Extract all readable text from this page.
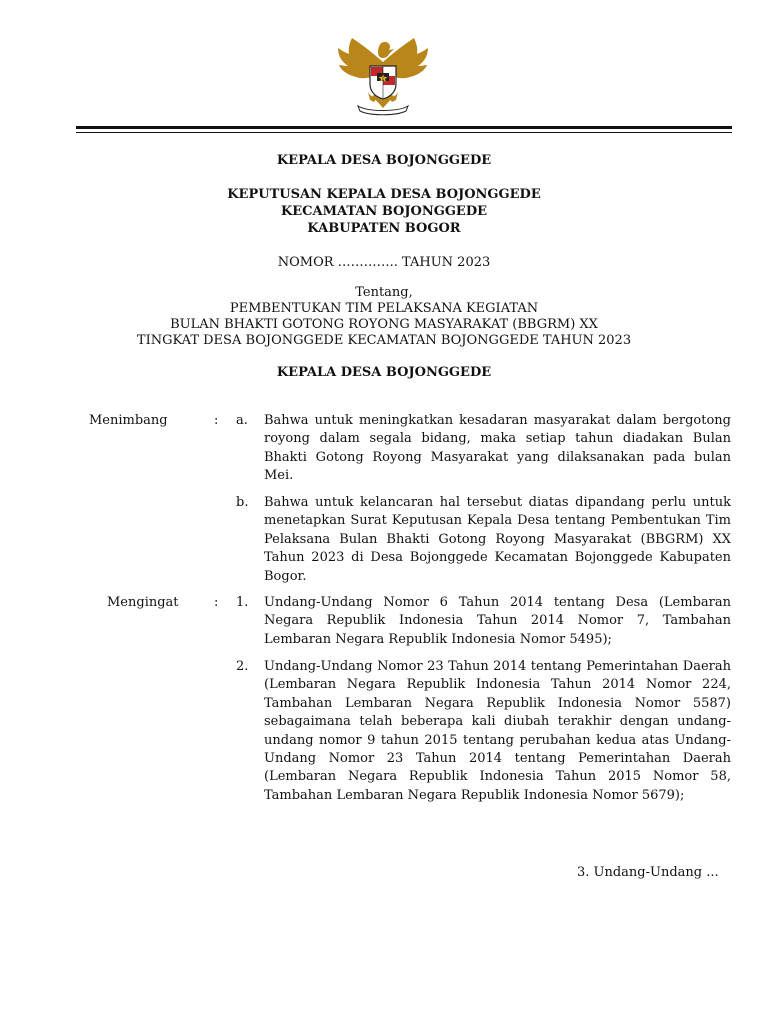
KEPALA DESA BOJONGGEDE
KEPUTUSAN KEPALA DESA BOJONGGEDE
KECAMATAN BOJONGGEDE
KABUPATEN BOGOR
NOMOR ………….. TAHUN 2023
Tentang,
PEMBENTUKAN TIM PELAKSANA KEGIATAN
BULAN BHAKTI GOTONG ROYONG MASYARAKAT (BBGRM) XX
TINGKAT DESA BOJONGGEDE KECAMATAN BOJONGGEDE TAHUN 2023
KEPALA DESA BOJONGGEDE
Menimbang	: a. Bahwa untuk meningkatkan kesadaran masyarakat dalam bergotong royong dalam segala bidang, maka setiap tahun diadakan Bulan Bhakti Gotong Royong Masyarakat yang dilaksanakan pada bulan Mei.
b. Bahwa untuk kelancaran hal tersebut diatas dipandang perlu untuk menetapkan Surat Keputusan Kepala Desa tentang Pembentukan Tim Pelaksana Bulan Bhakti Gotong Royong Masyarakat (BBGRM) XX Tahun 2023 di Desa Bojonggede Kecamatan Bojonggede Kabupaten Bogor.
Mengingat	: 1. Undang-Undang Nomor 6 Tahun 2014 tentang Desa (Lembaran Negara Republik Indonesia Tahun 2014 Nomor 7, Tambahan Lembaran Negara Republik Indonesia Nomor 5495);
2. Undang-Undang Nomor 23 Tahun 2014 tentang Pemerintahan Daerah (Lembaran Negara Republik Indonesia Tahun 2014 Nomor 224, Tambahan Lembaran Negara Republik Indonesia Nomor 5587) sebagaimana telah beberapa kali diubah terakhir dengan undang-undang nomor 9 tahun 2015 tentang perubahan kedua atas Undang-Undang Nomor 23 Tahun 2014 tentang Pemerintahan Daerah (Lembaran Negara Republik Indonesia Tahun 2015 Nomor 58, Tambahan Lembaran Negara Republik Indonesia Nomor 5679);
3. Undang-Undang ...
